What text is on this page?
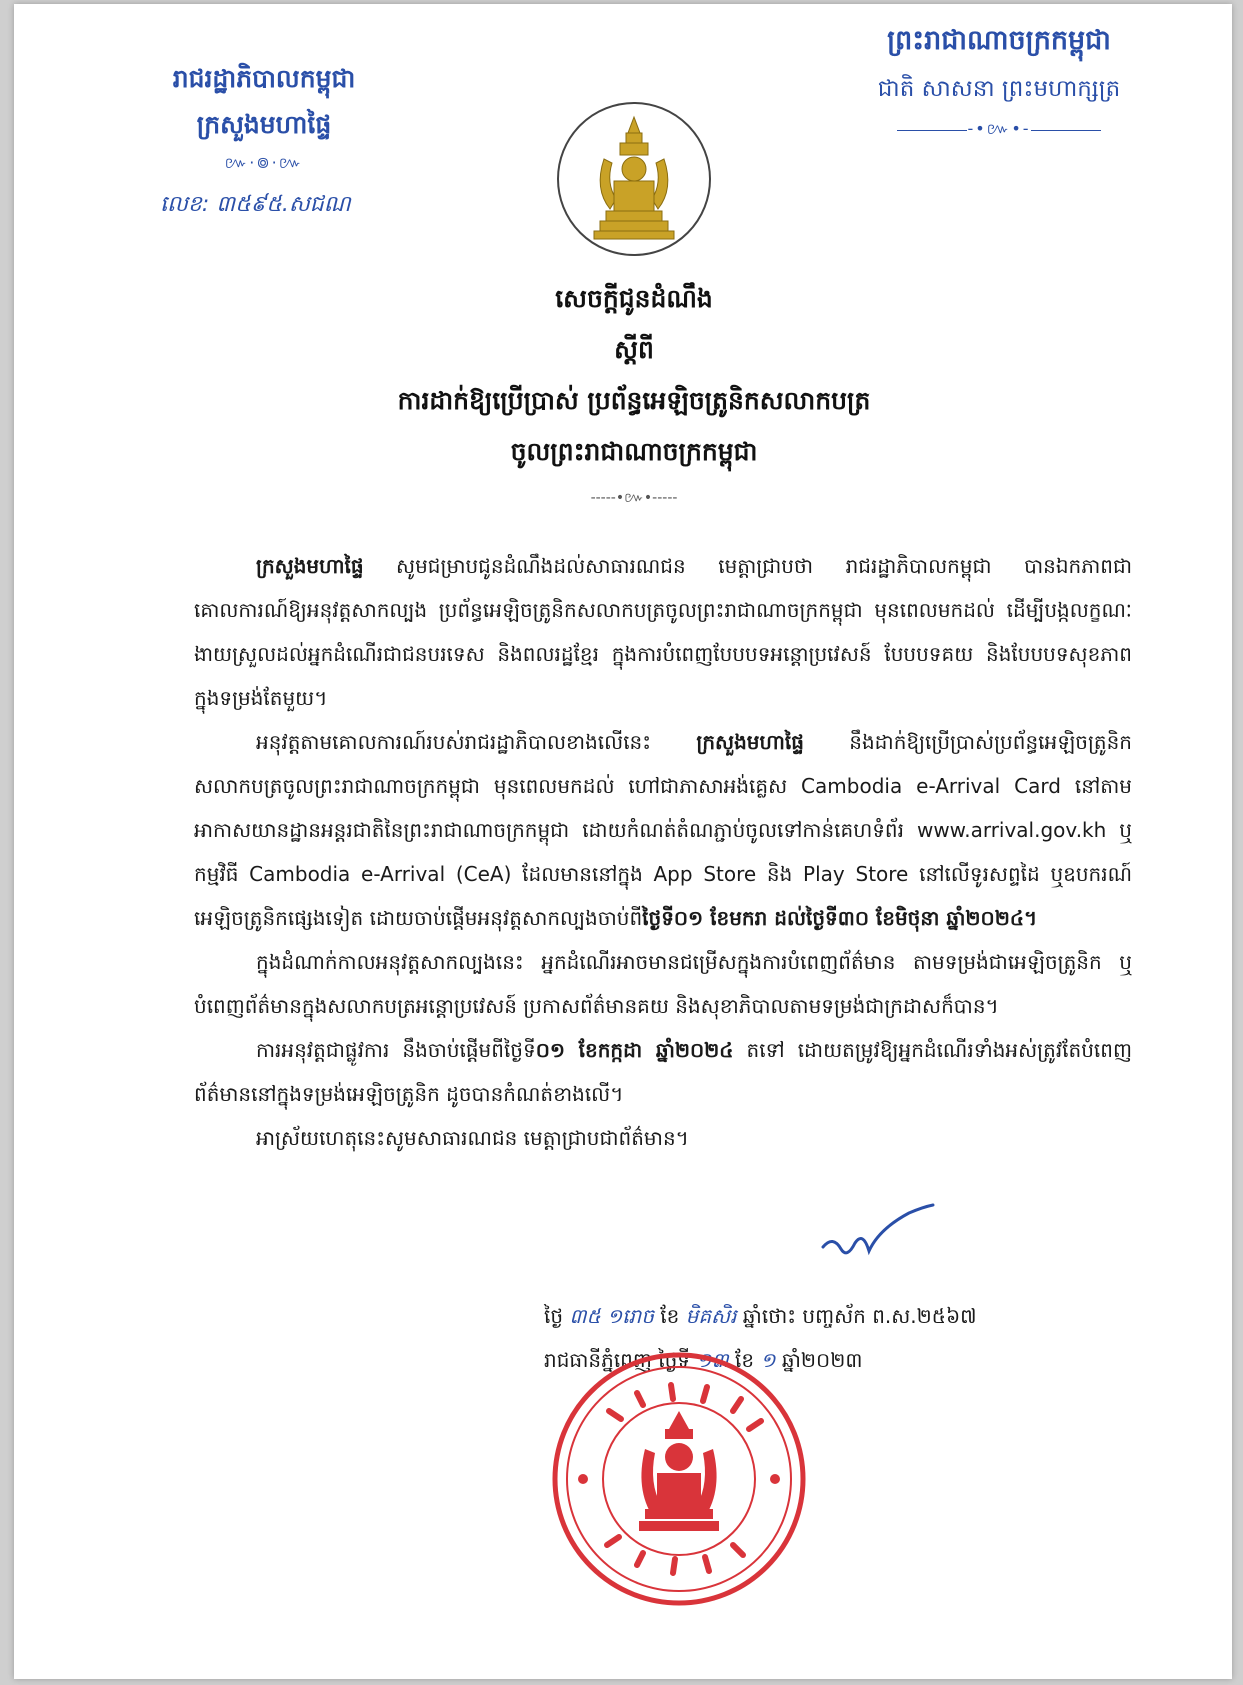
រាជរដ្ឋាភិបាលកម្ពុជា
ក្រសួងមហាផ្ទៃ
៚·៙·៚
លេខ: ៣៥៩៥.សជណ
ព្រះរាជាណាចក្រកម្ពុជា
ជាតិ សាសនា ព្រះមហាក្សត្រ
-•៚•-
សេចក្តីជូនដំណឹង
ស្តីពី
ការដាក់ឱ្យប្រើប្រាស់ ប្រព័ន្ធអេឡិចត្រូនិកសលាកបត្រ
ចូលព្រះរាជាណាចក្រកម្ពុជា
-----•៚•-----

ក្រសួងមហាផ្ទៃ សូមជម្រាបជូនដំណឹងដល់សាធារណជន មេត្តាជ្រាបថា រាជរដ្ឋាភិបាលកម្ពុជា បានឯកភាពជាគោលការណ៍ឱ្យអនុវត្តសាកល្បង ប្រព័ន្ធអេឡិចត្រូនិកសលាកបត្រចូលព្រះរាជាណាចក្រកម្ពុជា មុនពេលមកដល់ ដើម្បីបង្កលក្ខណៈងាយស្រួលដល់អ្នកដំណើរជាជនបរទេស និងពលរដ្ឋខ្មែរ ក្នុងការបំពេញបែបបទអន្តោប្រវេសន៍ បែបបទគយ និងបែបបទសុខភាព ក្នុងទម្រង់តែមួយ។

អនុវត្តតាមគោលការណ៍របស់រាជរដ្ឋាភិបាលខាងលើនេះ ក្រសួងមហាផ្ទៃ នឹងដាក់ឱ្យប្រើប្រាស់ប្រព័ន្ធអេឡិចត្រូនិកសលាកបត្រចូលព្រះរាជាណាចក្រកម្ពុជា មុនពេលមកដល់ ហៅជាភាសាអង់គ្លេស Cambodia e-Arrival Card នៅតាមអាកាសយានដ្ឋានអន្តរជាតិនៃព្រះរាជាណាចក្រកម្ពុជា ដោយកំណត់តំណភ្ជាប់ចូលទៅកាន់គេហទំព័រ www.arrival.gov.kh ឬ កម្មវិធី Cambodia e-Arrival (CeA) ដែលមាននៅក្នុង App Store និង Play Store នៅលើទូរសព្ទដៃ ឬឧបករណ៍អេឡិចត្រូនិកផ្សេងទៀត ដោយចាប់ផ្តើមអនុវត្តសាកល្បងចាប់ពីថ្ងៃទី០១ ខែមករា ដល់ថ្ងៃទី៣០ ខែមិថុនា ឆ្នាំ២០២៤។

ក្នុងដំណាក់កាលអនុវត្តសាកល្បងនេះ អ្នកដំណើរអាចមានជម្រើសក្នុងការបំពេញព័ត៌មាន តាមទម្រង់ជាអេឡិចត្រូនិក ឬ បំពេញព័ត៌មានក្នុងសលាកបត្រអន្តោប្រវេសន៍ ប្រកាសព័ត៌មានគយ និងសុខាភិបាលតាមទម្រង់ជាក្រដាសក៏បាន។

ការអនុវត្តជាផ្លូវការ នឹងចាប់ផ្តើមពីថ្ងៃទី០១ ខែកក្កដា ឆ្នាំ២០២៤ តទៅ ដោយតម្រូវឱ្យអ្នកដំណើរទាំងអស់ត្រូវតែបំពេញព័ត៌មាននៅក្នុងទម្រង់អេឡិចត្រូនិក ដូចបានកំណត់ខាងលើ។

អាស្រ័យហេតុនេះសូមសាធារណជន មេត្តាជ្រាបជាព័ត៌មាន។

ថ្ងៃ ៣៥ ១រោច ខែ មិគសិរ ឆ្នាំថោះ បញ្ចស័ក ព.ស.២៥៦៧
រាជធានីភ្នំពេញ ថ្ងៃទី ១៣ ខែ ១ ឆ្នាំ២០២៣
